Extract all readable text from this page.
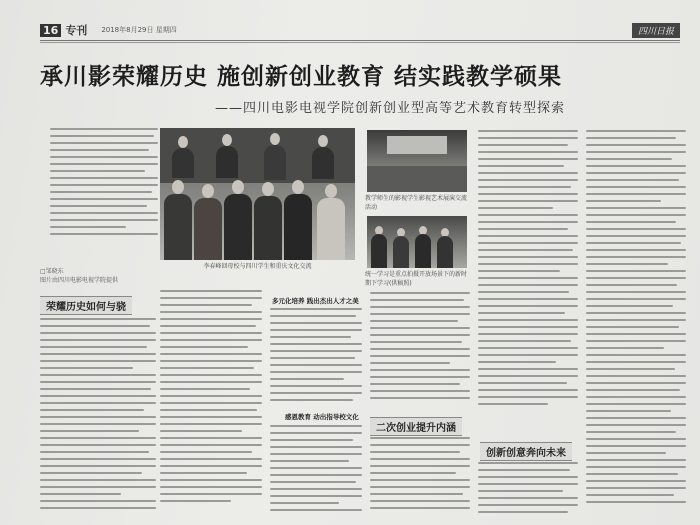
16 专刊 2018年8月29日 星期四	四川日报
承川影荣耀历史 施创新创业教育 结实践教学硕果
——四川电影电视学院创新创业型高等艺术教育转型探索
□邹晓东
图片由四川电影电视学院提供
荣耀历史如何与骁
李春峰回母校与四川学生和重庆文化交流
教学师生的影视学生影视艺术展演交流活动
统一学习是重点拍摄开放场景下的新时期下学习(供稿照)
多元化培养 践出杰出人才之美
感恩教育 动出指导校文化
二次创业提升内涵
创新创意奔向未来
